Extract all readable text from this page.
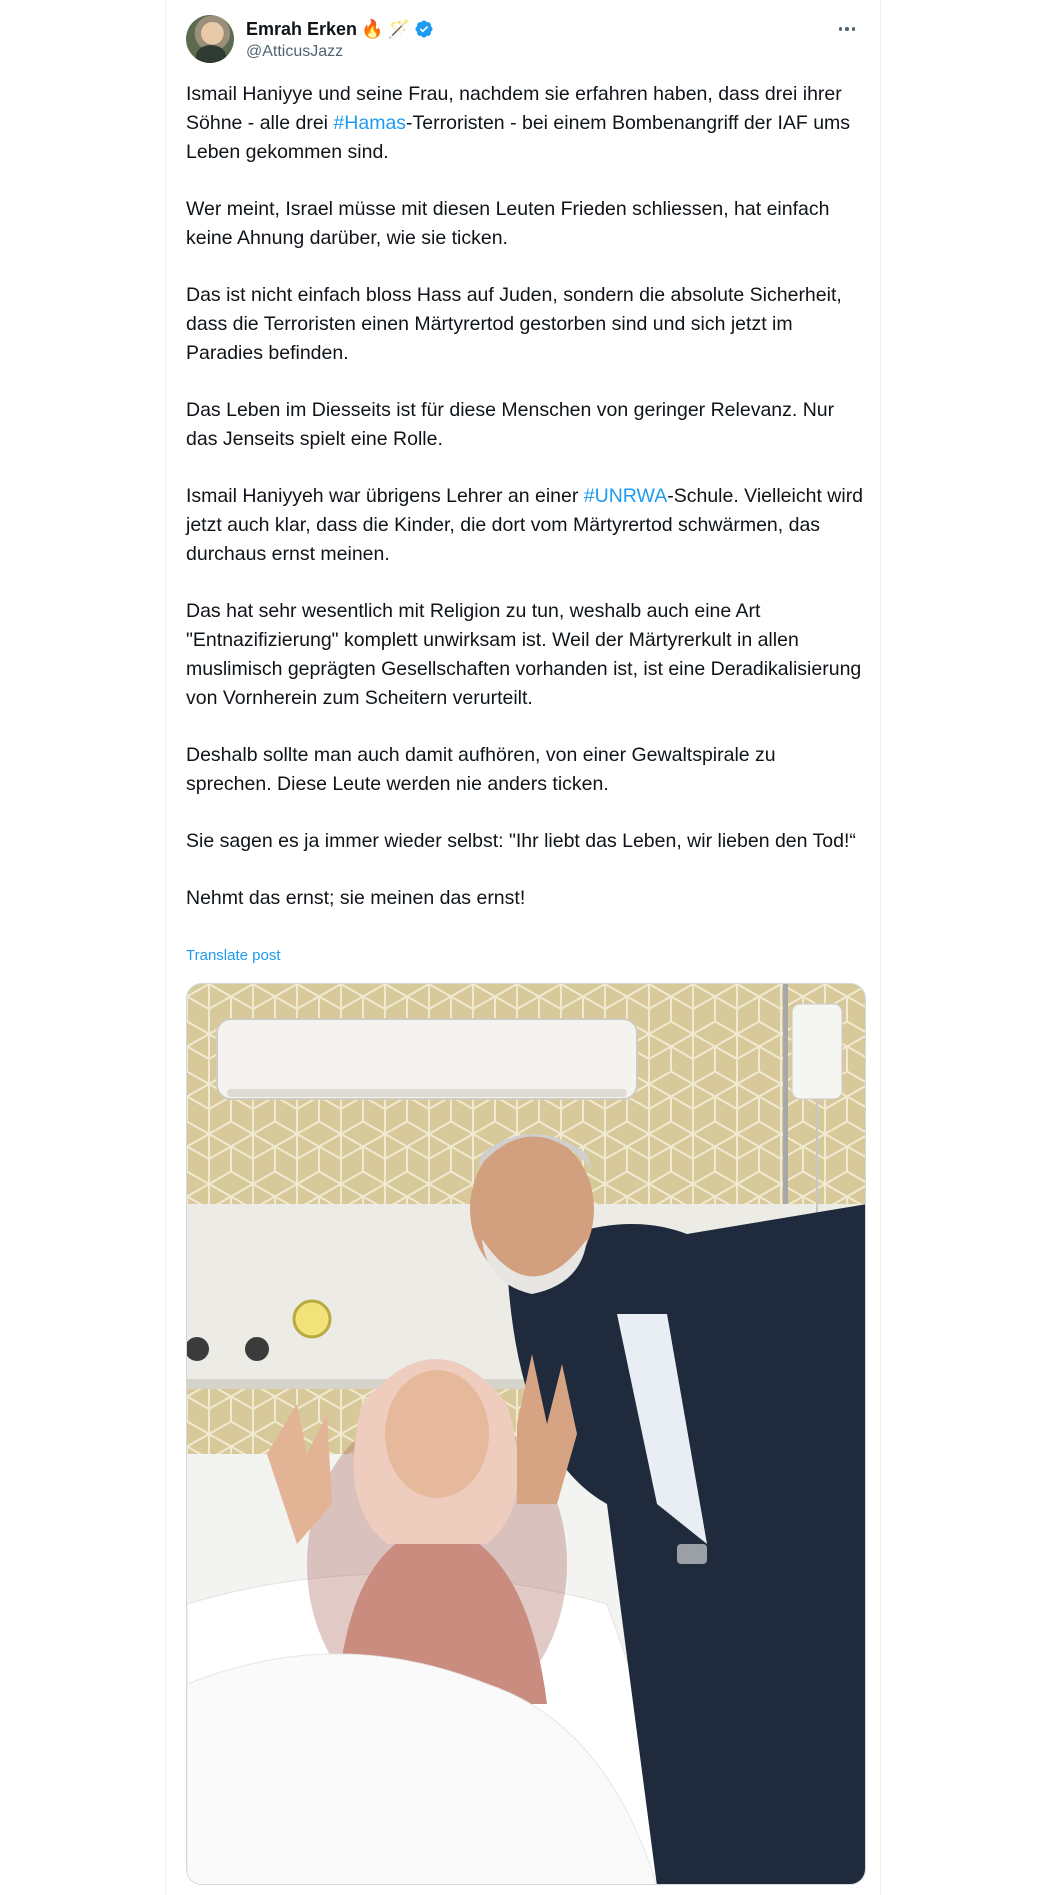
Emrah Erken 🔥 🪄
@AtticusJazz

Ismail Haniyye und seine Frau, nachdem sie erfahren haben, dass drei ihrer Söhne - alle drei #Hamas-Terroristen - bei einem Bombenangriff der IAF ums Leben gekommen sind.

Wer meint, Israel müsse mit diesen Leuten Frieden schliessen, hat einfach keine Ahnung darüber, wie sie ticken.

Das ist nicht einfach bloss Hass auf Juden, sondern die absolute Sicherheit, dass die Terroristen einen Märtyrertod gestorben sind und sich jetzt im Paradies befinden.

Das Leben im Diesseits ist für diese Menschen von geringer Relevanz. Nur das Jenseits spielt eine Rolle.

Ismail Haniyyeh war übrigens Lehrer an einer #UNRWA-Schule. Vielleicht wird jetzt auch klar, dass die Kinder, die dort vom Märtyrertod schwärmen, das durchaus ernst meinen.

Das hat sehr wesentlich mit Religion zu tun, weshalb auch eine Art "Entnazifizierung" komplett unwirksam ist. Weil der Märtyrerkult in allen muslimisch geprägten Gesellschaften vorhanden ist, ist eine Deradikalisierung von Vornherein zum Scheitern verurteilt.

Deshalb sollte man auch damit aufhören, von einer Gewaltspirale zu sprechen. Diese Leute werden nie anders ticken.

Sie sagen es ja immer wieder selbst: "Ihr liebt das Leben, wir lieben den Tod!“

Nehmt das ernst; sie meinen das ernst!

Translate post
